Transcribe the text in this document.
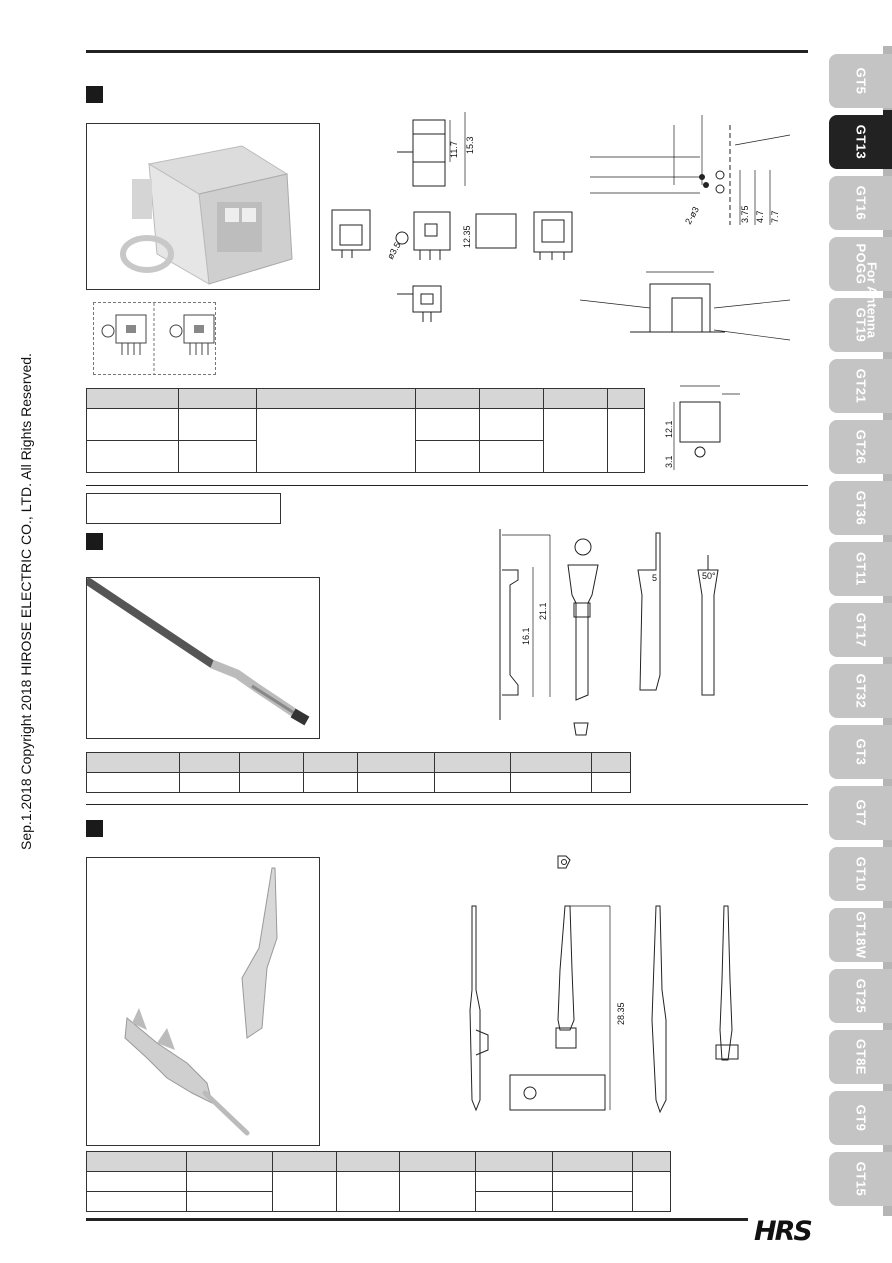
11.7 15.3
ø3.5
12.35
2-ø3	3.75 4.7 7.7
12.1
3.1

21.1
16.1
5	50°

28.35

HRS
Sep.1.2018 Copyright 2018 HIROSE ELECTRIC CO., LTD. All Rights Reserved.
GT5
GT13
GT16
POGG
GT19
GT21
GT26
GT36
GT11
GT17
GT32
GT3
GT7
GT10
GT18W
GT25
GT8E
GT9
GT15
For Antenna
